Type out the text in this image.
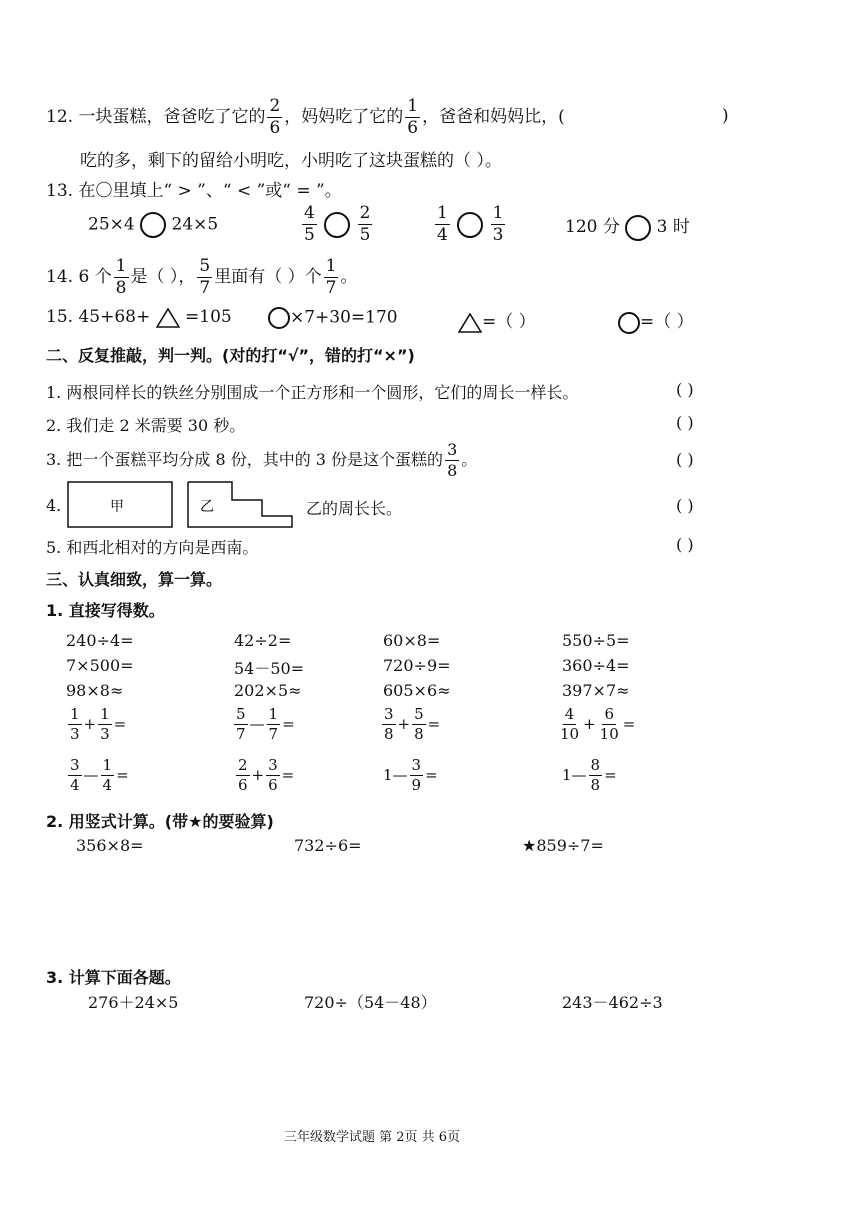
12. 一块蛋糕，爸爸吃了它的 $\frac{2}{6}$ ，妈妈吃了它的 $\frac{1}{6}$ ，爸爸和妈妈比，(	)
吃的多，剩下的留给小明吃，小明吃了这块蛋糕的（ ）。
13. 在〇里填上“ > ”、“ < ”或“ = ”。
25×4 24×5	$\frac{4}{5}$
$\frac{2}{5}$	$\frac{1}{4}$
$\frac{1}{3}$	120 分 3 时
14. 6 个 $\frac{1}{8}$ 是（ ）， $\frac{5}{7}$ 里面有（ ）个 $\frac{1}{7}$ 。
15. 45+68+ =105	×7+30=170	=（ ）	=（ ）
二、反复推敲，判一判。(对的打“√”，错的打“×”)
1. 两根同样长的铁丝分别围成一个正方形和一个圆形，它们的周长一样长。	( )
2. 我们走 2 米需要 30 秒。	( )
3. 把一个蛋糕平均分成 8 份，其中的 3 份是这个蛋糕的 $\frac{3}{8}$ 。	( )
4.	甲	乙	乙的周长长。	( )
5. 和西北相对的方向是西南。	( )
三、认真细致，算一算。
1. 直接写得数。
240÷4=	42÷2=	60×8=	550÷5=
7×500=	54－50=	720÷9=	360÷4=
98×8≈	202×5≈	605×6≈	397×7≈
$\frac{1}{3} + \frac{1}{3}$ =	$\frac{5}{7}$ — $\frac{1}{7}$ =	$\frac{3}{8} + \frac{5}{8}$ =	$\frac{4}{10} + \frac{6}{10}$ =
$\frac{3}{4}$ — $\frac{1}{4}$ =	$\frac{2}{6} + \frac{3}{6}$ =	1— $\frac{3}{9}$ =	1— $\frac{8}{8}$ =
2. 用竖式计算。(带★的要验算)
356×8=	732÷6=	★859÷7=
3. 计算下面各题。
276＋24×5	720÷（54－48）	243－462÷3
三年级数学试题 第 2页 共 6页
